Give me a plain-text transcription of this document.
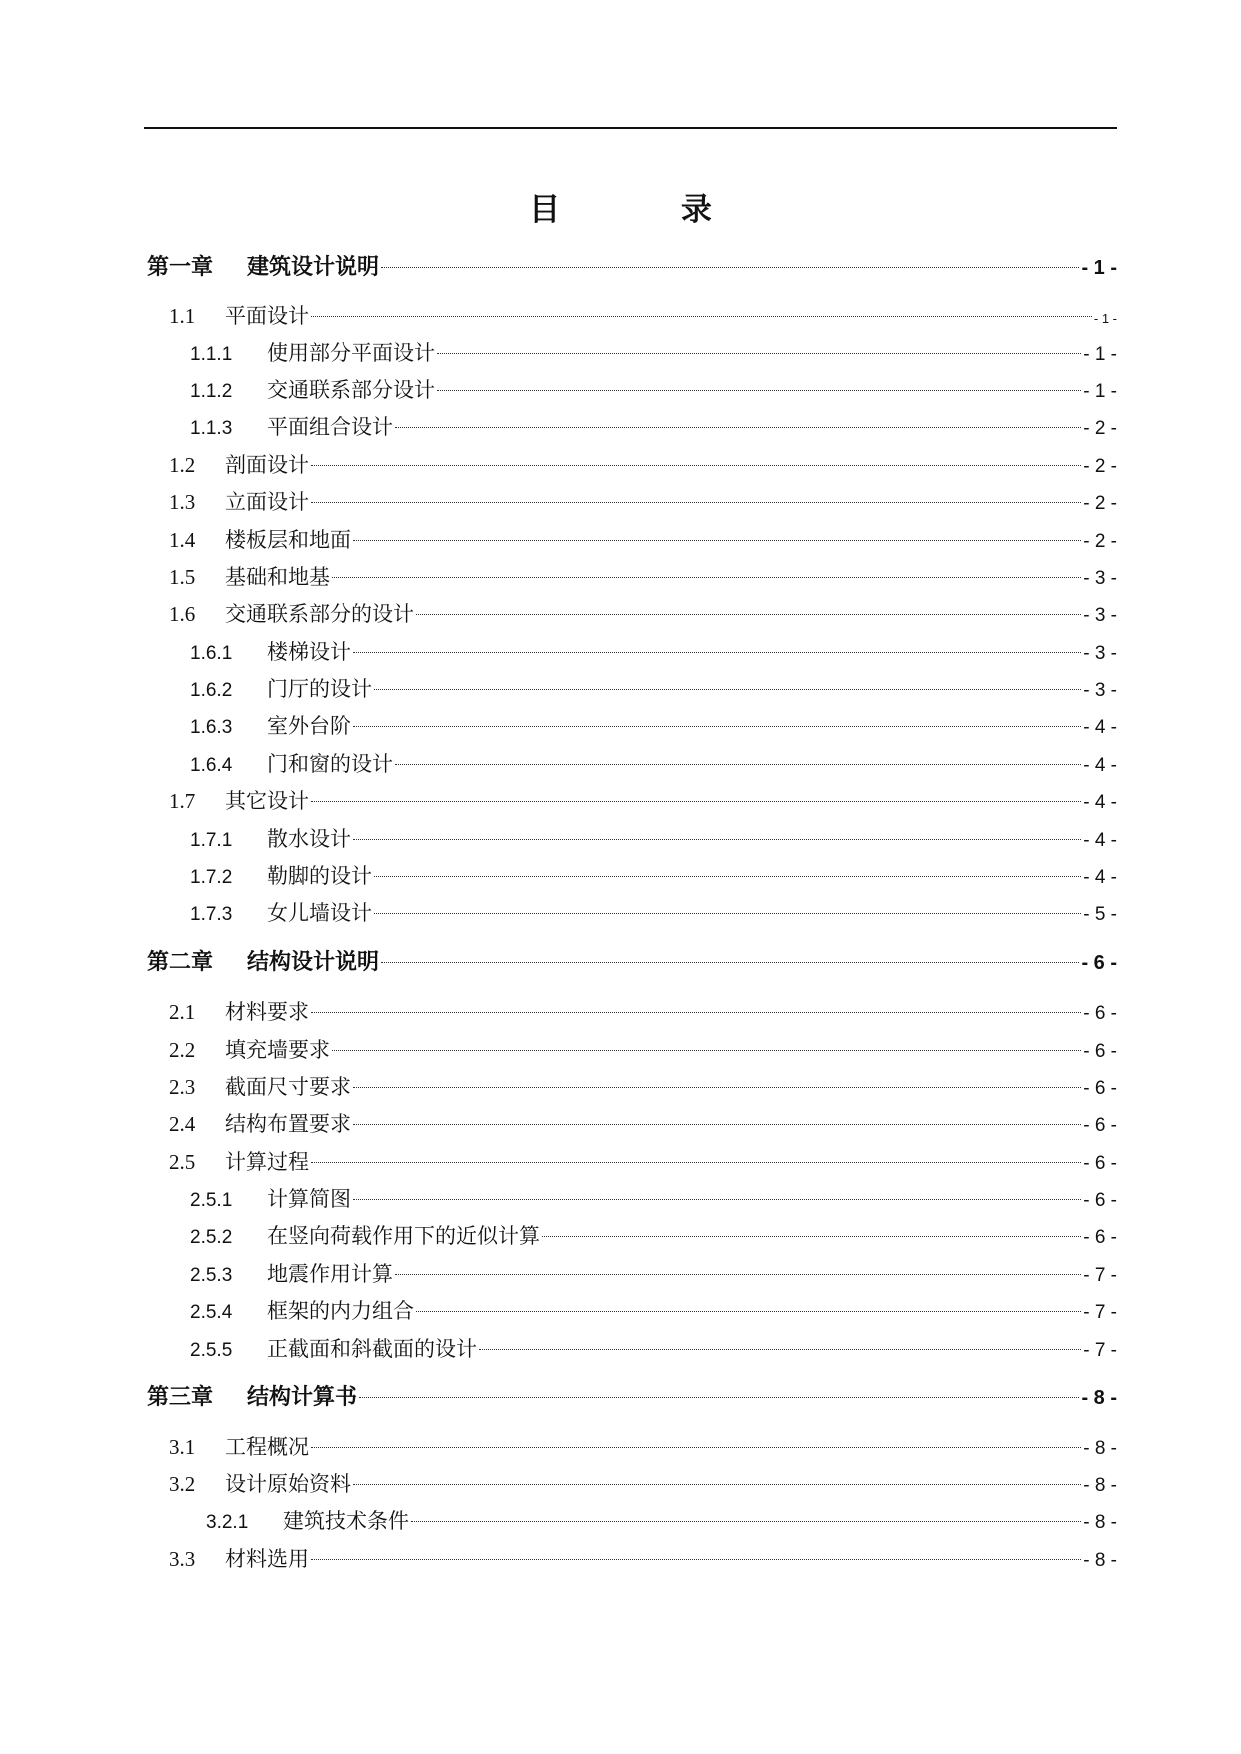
目 录
第一章	建筑设计说明	- 1 -
1.1	平面设计	- 1 -
1.1.1	使用部分平面设计	- 1 -
1.1.2	交通联系部分设计	- 1 -
1.1.3	平面组合设计	- 2 -
1.2	剖面设计	- 2 -
1.3	立面设计	- 2 -
1.4	楼板层和地面	- 2 -
1.5	基础和地基	- 3 -
1.6	交通联系部分的设计	- 3 -
1.6.1	楼梯设计	- 3 -
1.6.2	门厅的设计	- 3 -
1.6.3	室外台阶	- 4 -
1.6.4	门和窗的设计	- 4 -
1.7	其它设计	- 4 -
1.7.1	散水设计	- 4 -
1.7.2	勒脚的设计	- 4 -
1.7.3	女儿墙设计	- 5 -
第二章	结构设计说明	- 6 -
2.1	材料要求	- 6 -
2.2	填充墙要求	- 6 -
2.3	截面尺寸要求	- 6 -
2.4	结构布置要求	- 6 -
2.5	计算过程	- 6 -
2.5.1	计算简图	- 6 -
2.5.2	在竖向荷载作用下的近似计算	- 6 -
2.5.3	地震作用计算	- 7 -
2.5.4	框架的内力组合	- 7 -
2.5.5	正截面和斜截面的设计	- 7 -
第三章	结构计算书	- 8 -
3.1	工程概况	- 8 -
3.2	设计原始资料	- 8 -
3.2.1	建筑技术条件	- 8 -
3.3	材料选用	- 8 -
